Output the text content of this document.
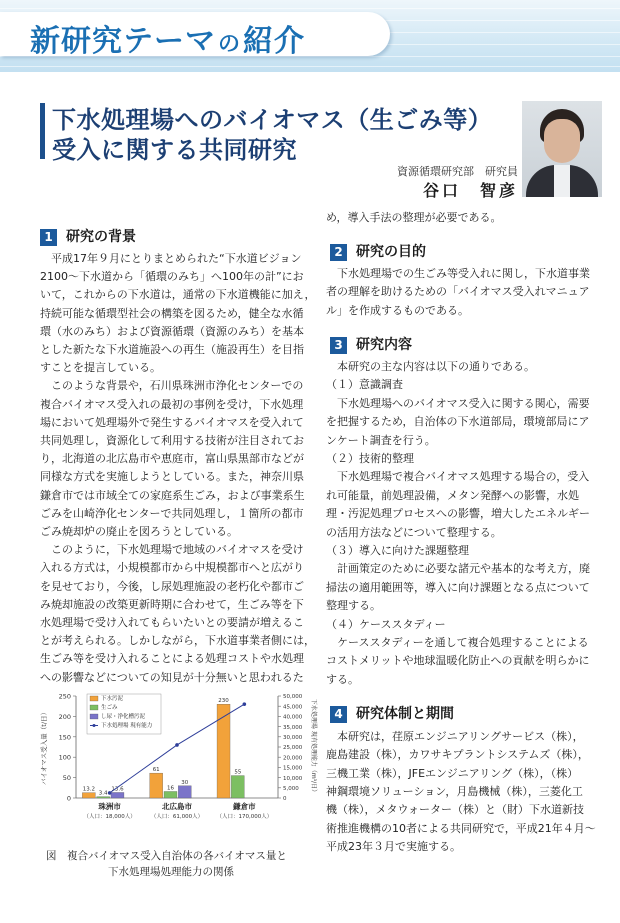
新研究テーマの紹介
下水処理場へのバイオマス（生ごみ等）
受入に関する共同研究
資源循環研究部　研究員
谷口　智彦
1 研究の背景
　平成17年９月にとりまとめられた“下水道ビジョン
2100～下水道から「循環のみち」へ100年の計”にお
いて，これからの下水道は，通常の下水道機能に加え，
持続可能な循環型社会の構築を図るため，健全な水循
環（水のみち）および資源循環（資源のみち）を基本
とした新たな下水道施設への再生（施設再生）を目指
すことを提言している。
　このような背景や，石川県珠洲市浄化センターでの
複合バイオマス受入れの最初の事例を受け，下水処理
場において処理場外で発生するバイオマスを受入れて
共同処理し，資源化して利用する技術が注目されてお
り，北海道の北広島市や恵庭市，富山県黒部市などが
同様な方式を実施しようとしている。また，神奈川県
鎌倉市では市域全ての家庭系生ごみ，および事業系生
ごみを山崎浄化センターで共同処理し，１箇所の都市
ごみ焼却炉の廃止を図ろうとしている。
　このように，下水処理場で地域のバイオマスを受け
入れる方式は，小規模都市から中規模都市へと広がり
を見せており，今後，し尿処理施設の老朽化や都市ご
み焼却施設の改築更新時期に合わせて，生ごみ等を下
水処理場で受け入れてもらいたいとの要請が増えるこ
とが考えられる。しかしながら，下水道事業者側には，
生ごみ等を受け入れることによる処理コストや水処理
への影響などについての知見が十分無いと思われるた
0
50
100
150
200
250
0
5,000
10,000
15,000
20,000
25,000
30,000
35,000
40,000
45,000
50,000
バイオマス受入量（t/日）	下水処理場 現有処理能力（m³/日）
13.2
3.4
13.6
珠洲市
（人口：18,000人）
61
16
30
北広島市
（人口：61,000人）
230
55
鎌倉市
（人口：170,000人）
下水汚泥
生ごみ
し尿・浄化槽汚泥
下水処理場 現有能力
図　複合バイオマス受入自治体の各バイオマス量と
下水処理場処理能力の関係
め，導入手法の整理が必要である。
2 研究の目的
　下水処理場での生ごみ等受入れに関し，下水道事業
者の理解を助けるための「バイオマス受入れマニュア
ル」を作成するものである。
3 研究内容
　本研究の主な内容は以下の通りである。
（１）意識調査
　下水処理場へのバイオマス受入に関する関心，需要
を把握するため，自治体の下水道部局，環境部局にア
ンケート調査を行う。
（２）技術的整理
　下水処理場で複合バイオマス処理する場合の，受入
れ可能量，前処理設備，メタン発酵への影響，水処
理・汚泥処理プロセスへの影響，増大したエネルギー
の活用方法などについて整理する。
（３）導入に向けた課題整理
　計画策定のために必要な諸元や基本的な考え方，廃
掃法の適用範囲等，導入に向け課題となる点について
整理する。
（４）ケーススタディー
　ケーススタディーを通して複合処理することによる
コストメリットや地球温暖化防止への貢献を明らかに
する。
4 研究体制と期間
　本研究は，荏原エンジニアリングサービス（株），
鹿島建設（株），カワサキプラントシステムズ（株），
三機工業（株），JFEエンジニアリング（株），（株）
神鋼環境ソリューション，月島機械（株），三菱化工
機（株），メタウォーター（株）と（財）下水道新技
術推進機構の10者による共同研究で，平成21年４月～
平成23年３月で実施する。
